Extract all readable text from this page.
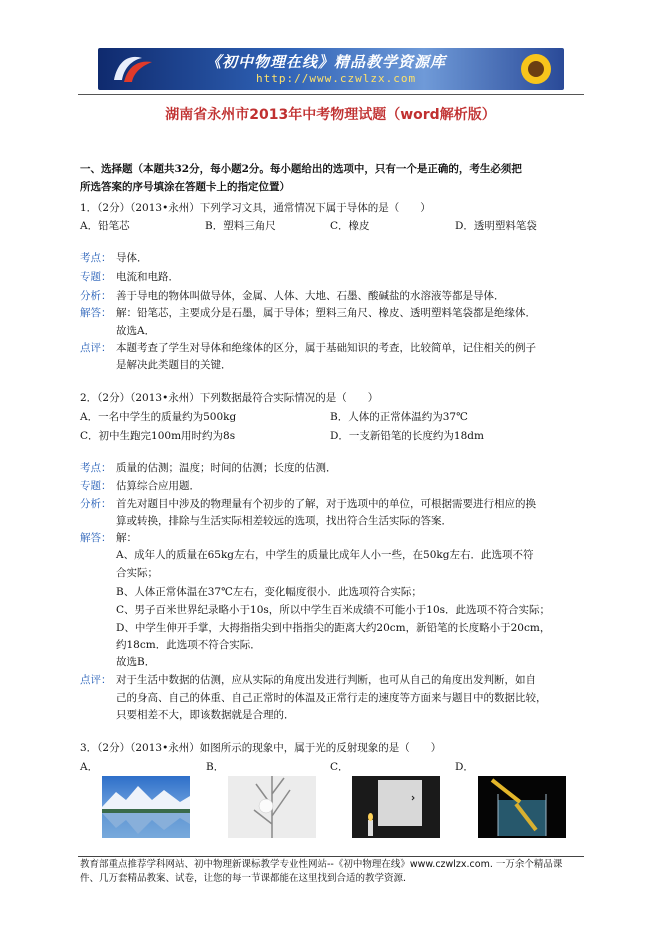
《初中物理在线》精品教学资源库
http://www.czwlzx.com
湖南省永州市2013年中考物理试题（word解析版）
一、选择题（本题共32分，每小题2分。每小题给出的选项中，只有一个是正确的，考生必须把
所选答案的序号填涂在答题卡上的指定位置）
1．（2分）（2013•永州）下列学习文具，通常情况下属于导体的是（　　）
A．铅笔芯	B．塑料三角尺	C．橡皮	D．透明塑料笔袋
考点： 导体．
专题： 电流和电路．
分析： 善于导电的物体叫做导体，金属、人体、大地、石墨、酸碱盐的水溶液等都是导体．
解答： 解：铅笔芯，主要成分是石墨，属于导体；塑料三角尺、橡皮、透明塑料笔袋都是绝缘体．
故选A．
点评： 本题考查了学生对导体和绝缘体的区分，属于基础知识的考查，比较简单，记住相关的例子
是解决此类题目的关键．
2．（2分）（2013•永州）下列数据最符合实际情况的是（　　）
A．一名中学生的质量约为500kg	B．人体的正常体温约为37℃
C．初中生跑完100m用时约为8s	D．一支新铅笔的长度约为18dm
考点： 质量的估测；温度；时间的估测；长度的估测．
专题： 估算综合应用题．
分析： 首先对题目中涉及的物理量有个初步的了解，对于选项中的单位，可根据需要进行相应的换
算或转换，排除与生活实际相差较远的选项，找出符合生活实际的答案．
解答： 解：
A、成年人的质量在65kg左右，中学生的质量比成年人小一些，在50kg左右．此选项不符
合实际；
B、人体正常体温在37℃左右，变化幅度很小．此选项符合实际；
C、男子百米世界纪录略小于10s，所以中学生百米成绩不可能小于10s．此选项不符合实际；
D、中学生伸开手掌，大拇指指尖到中指指尖的距离大约20cm，新铅笔的长度略小于20cm，
约18cm．此选项不符合实际．
故选B．
点评： 对于生活中数据的估测，应从实际的角度出发进行判断，也可从自己的角度出发判断，如自
己的身高、自己的体重、自己正常时的体温及正常行走的速度等方面来与题目中的数据比较，
只要相差不大，即该数据就是合理的．
3．（2分）（2013•永州）如图所示的现象中，属于光的反射现象的是（　　）
A．	B．	C．	D．
教育部重点推荐学科网站、初中物理新课标教学专业性网站--《初中物理在线》www.czwlzx.com. 一万余个精品课
件、几万套精品教案、试卷，让您的每一节课都能在这里找到合适的教学资源．
